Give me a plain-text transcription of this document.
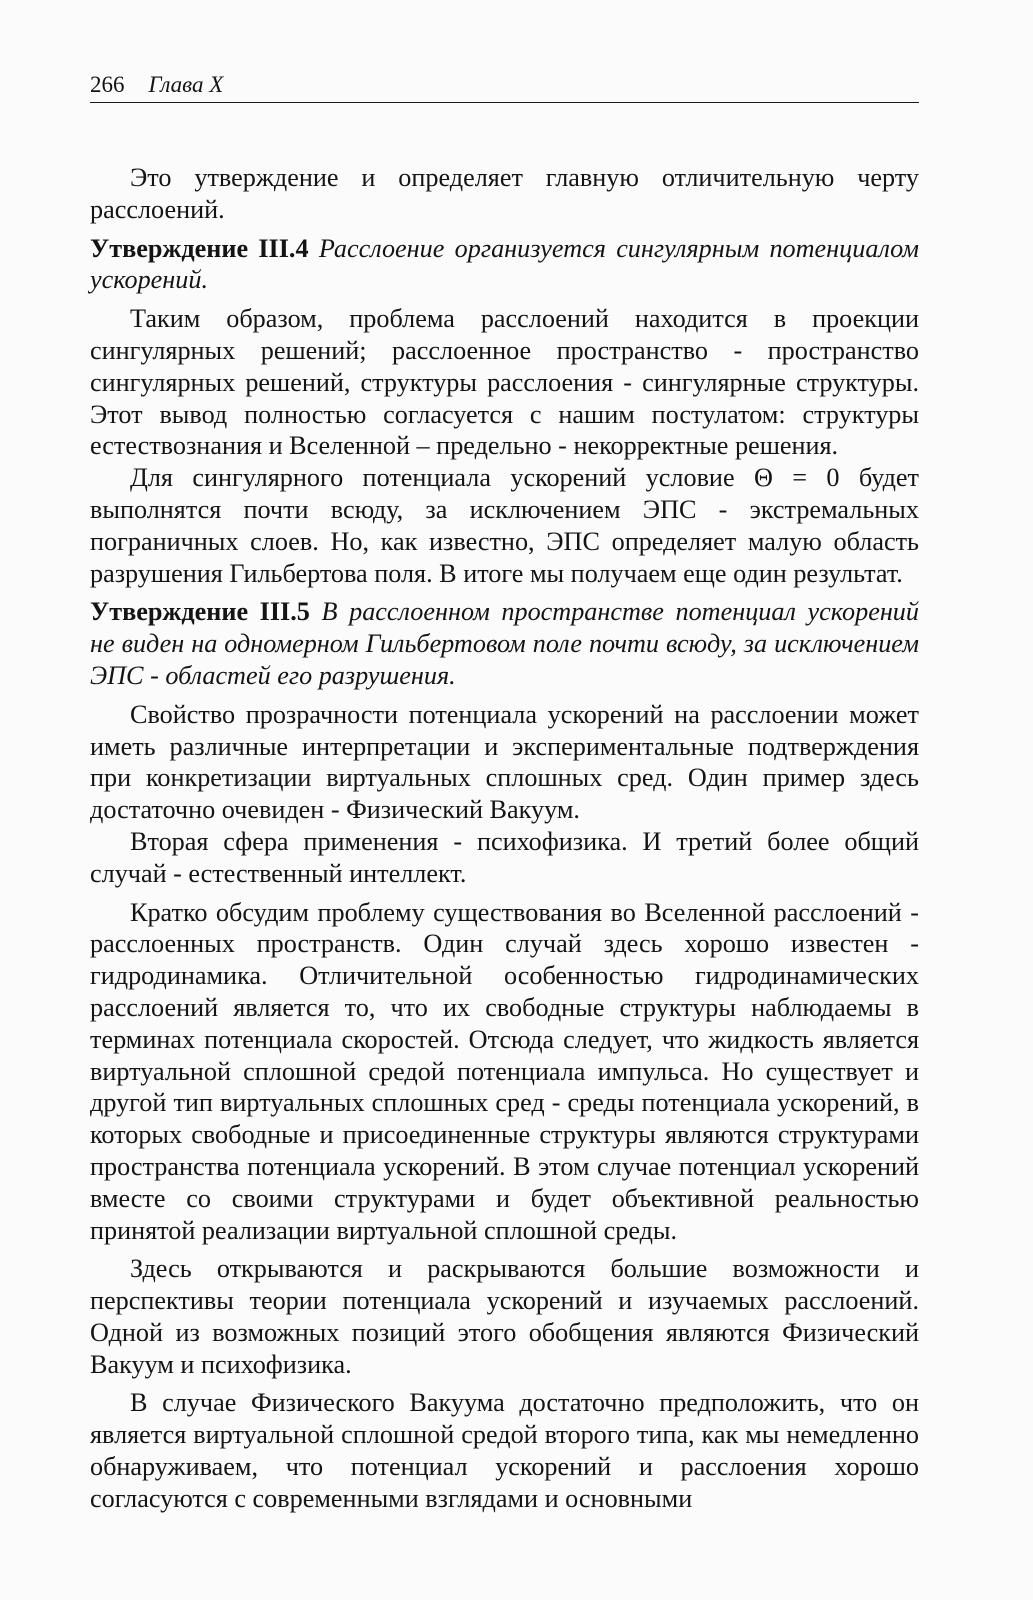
266 Глава X

Это утверждение и определяет главную отличительную черту расслоений.

Утверждение III.4 Расслоение организуется сингулярным потенциалом ускорений.

Таким образом, проблема расслоений находится в проекции сингулярных решений; расслоенное пространство - пространство сингулярных решений, структуры расслоения - сингулярные структуры. Этот вывод полностью согласуется с нашим постулатом: структуры естествознания и Вселенной – предельно - некорректные решения.

Для сингулярного потенциала ускорений условие Θ = 0 будет выполнятся почти всюду, за исключением ЭПС - экстремальных пограничных слоев. Но, как известно, ЭПС определяет малую область разрушения Гильбертова поля. В итоге мы получаем еще один результат.

Утверждение III.5 В расслоенном пространстве потенциал ускорений не виден на одномерном Гильбертовом поле почти всюду, за исключением ЭПС - областей его разрушения.

Свойство прозрачности потенциала ускорений на расслоении может иметь различные интерпретации и экспериментальные подтверждения при конкретизации виртуальных сплошных сред. Один пример здесь достаточно очевиден - Физический Вакуум.

Вторая сфера применения - психофизика. И третий более общий случай - естественный интеллект.

Кратко обсудим проблему существования во Вселенной расслоений - расслоенных пространств. Один случай здесь хорошо известен - гидродинамика. Отличительной особенностью гидродинамических расслоений является то, что их свободные структуры наблюдаемы в терминах потенциала скоростей. Отсюда следует, что жидкость является виртуальной сплошной средой потенциала импульса. Но существует и другой тип виртуальных сплошных сред - среды потенциала ускорений, в которых свободные и присоединенные структуры являются структурами пространства потенциала ускорений. В этом случае потенциал ускорений вместе со своими структурами и будет объективной реальностью принятой реализации виртуальной сплошной среды.

Здесь открываются и раскрываются большие возможности и перспективы теории потенциала ускорений и изучаемых расслоений. Одной из возможных позиций этого обобщения являются Физический Вакуум и психофизика.

В случае Физического Вакуума достаточно предположить, что он является виртуальной сплошной средой второго типа, как мы немедленно обнаруживаем, что потенциал ускорений и расслоения хорошо согласуются с современными взглядами и основными
